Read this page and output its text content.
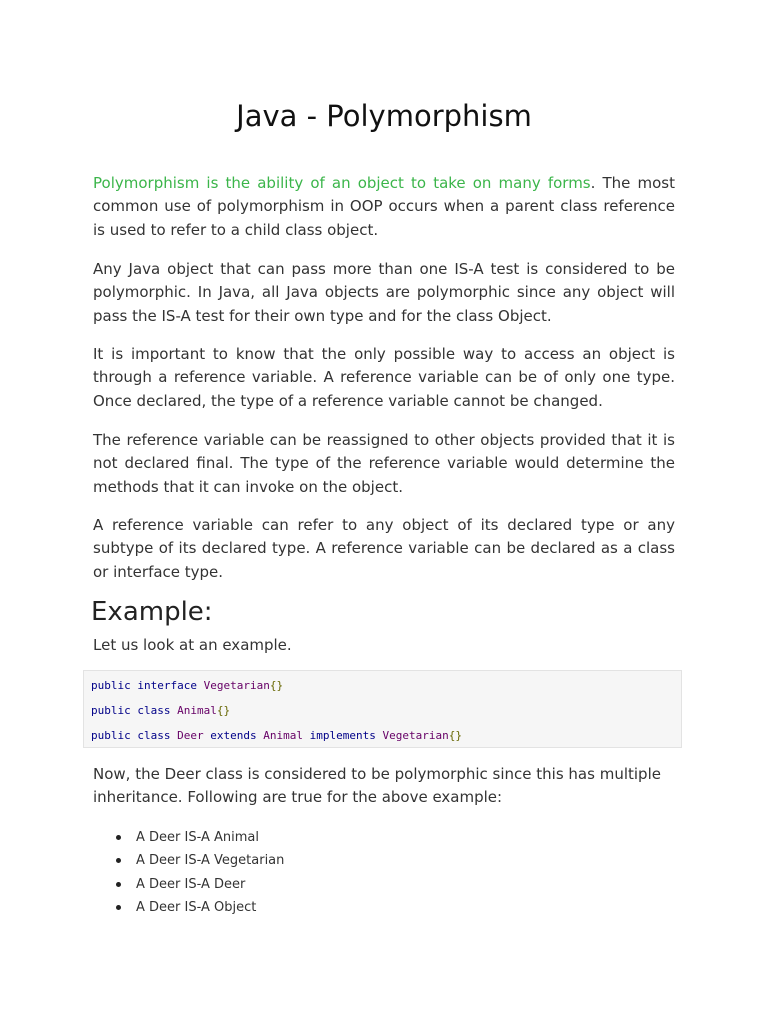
Java - Polymorphism

Polymorphism is the ability of an object to take on many forms. The most common use of polymorphism in OOP occurs when a parent class reference is used to refer to a child class object.

Any Java object that can pass more than one IS-A test is considered to be polymorphic. In Java, all Java objects are polymorphic since any object will pass the IS-A test for their own type and for the class Object.

It is important to know that the only possible way to access an object is through a reference variable. A reference variable can be of only one type. Once declared, the type of a reference variable cannot be changed.

The reference variable can be reassigned to other objects provided that it is not declared final. The type of the reference variable would determine the methods that it can invoke on the object.

A reference variable can refer to any object of its declared type or any subtype of its declared type. A reference variable can be declared as a class or interface type.

Example:

Let us look at an example.

public interface Vegetarian{}
public class Animal{}
public class Deer extends Animal implements Vegetarian{}

Now, the Deer class is considered to be polymorphic since this has multiple inheritance. Following are true for the above example:

A Deer IS-A Animal
A Deer IS-A Vegetarian
A Deer IS-A Deer
A Deer IS-A Object
